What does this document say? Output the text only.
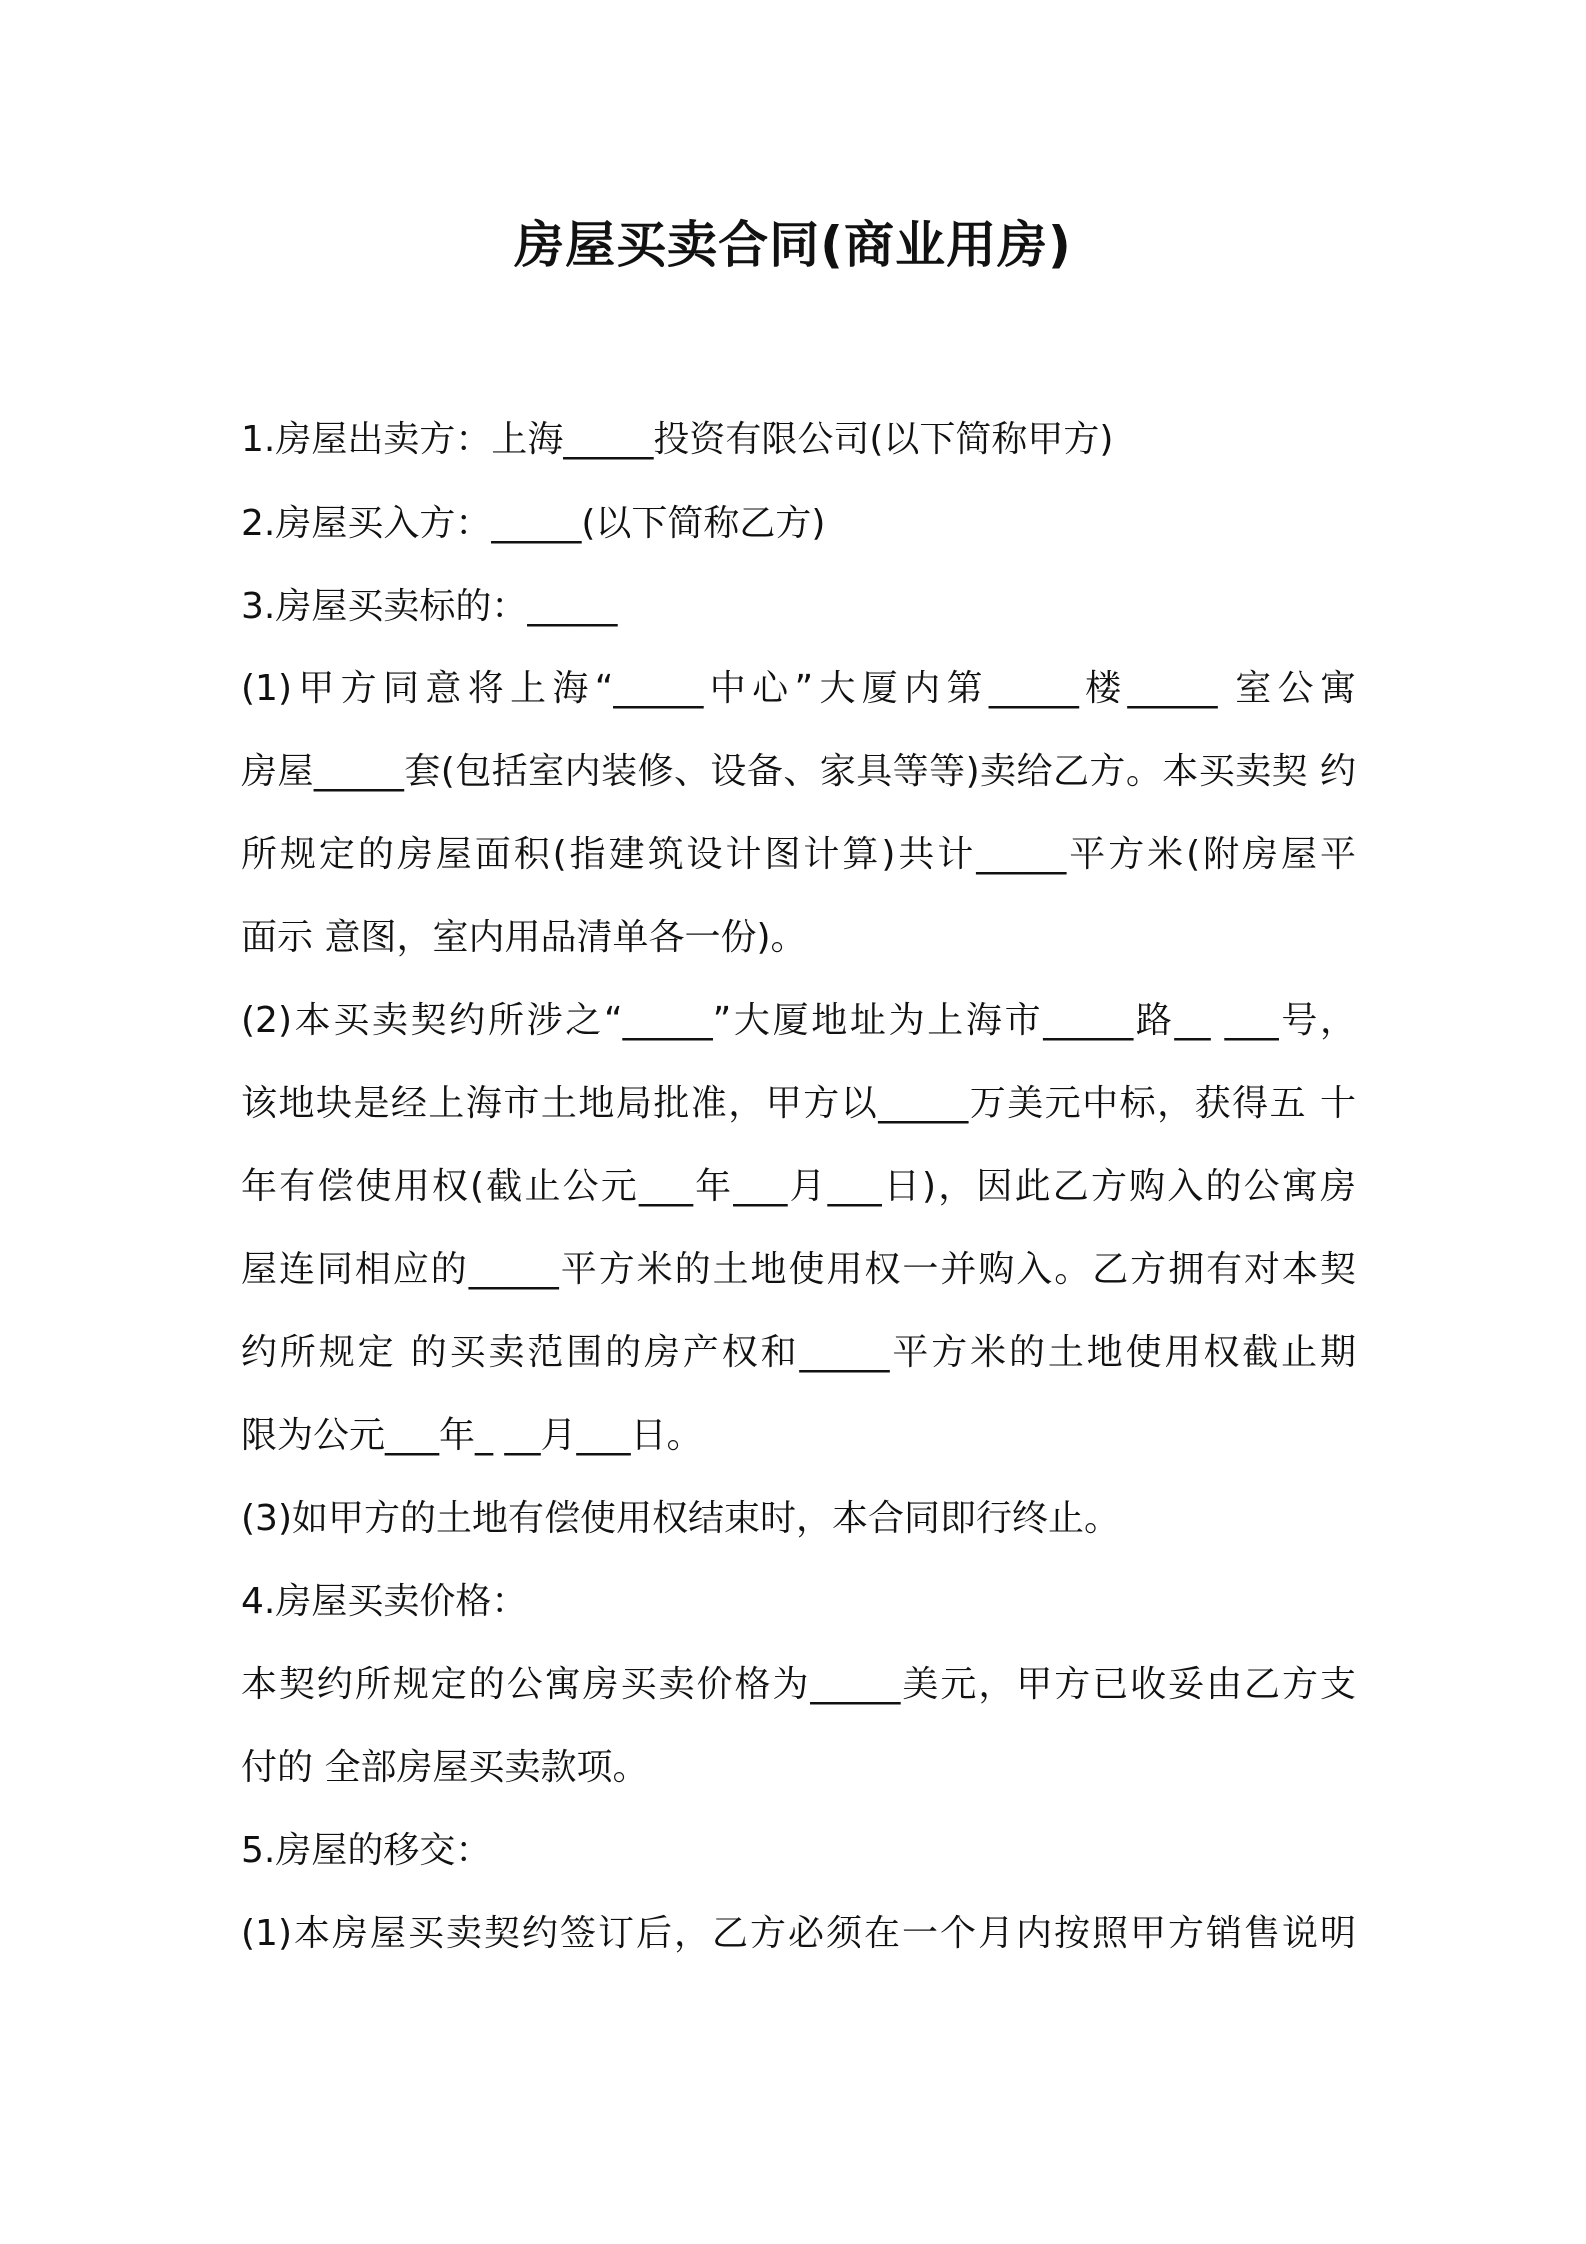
房屋买卖合同(商业用房)

1.房屋出卖方：上海_____投资有限公司(以下简称甲方)

2.房屋买入方：_____(以下简称乙方)

3.房屋买卖标的：_____

(1)甲方同意将上海“_____中心”大厦内第_____楼_____ 室公寓

房屋_____套(包括室内装修、设备、家具等等)卖给乙方。本买卖契 约

所规定的房屋面积(指建筑设计图计算)共计_____平方米(附房屋平

面示 意图，室内用品清单各一份)。

(2)本买卖契约所涉之“_____”大厦地址为上海市_____路__ ___号，

该地块是经上海市土地局批准，甲方以_____万美元中标，获得五 十

年有偿使用权(截止公元___年___月___日)，因此乙方购入的公寓房

屋连同相应的_____平方米的土地使用权一并购入。乙方拥有对本契

约所规定 的买卖范围的房产权和_____平方米的土地使用权截止期

限为公元___年_ __月___日。

(3)如甲方的土地有偿使用权结束时，本合同即行终止。

4.房屋买卖价格：

本契约所规定的公寓房买卖价格为_____美元，甲方已收妥由乙方支

付的 全部房屋买卖款项。

5.房屋的移交：

(1)本房屋买卖契约签订后，乙方必须在一个月内按照甲方销售说明
